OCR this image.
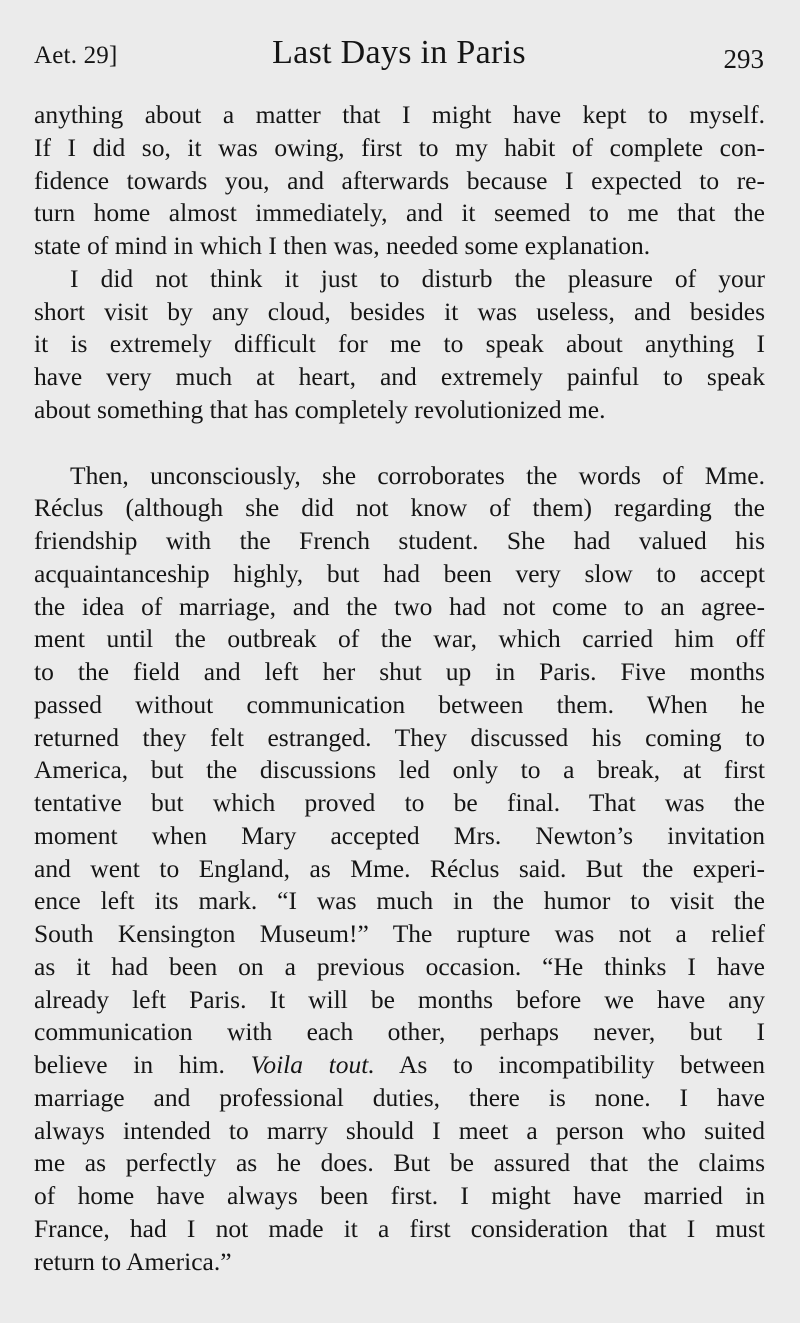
Aet. 29]	Last Days in Paris	293
anything about a matter that I might have kept to myself.
If I did so, it was owing, first to my habit of complete con-
fidence towards you, and afterwards because I expected to re-
turn home almost immediately, and it seemed to me that the
state of mind in which I then was, needed some explanation.
I did not think it just to disturb the pleasure of your
short visit by any cloud, besides it was useless, and besides
it is extremely difficult for me to speak about anything I
have very much at heart, and extremely painful to speak
about something that has completely revolutionized me.
Then, unconsciously, she corroborates the words of Mme.
Réclus (although she did not know of them) regarding the
friendship with the French student. She had valued his
acquaintanceship highly, but had been very slow to accept
the idea of marriage, and the two had not come to an agree-
ment until the outbreak of the war, which carried him off
to the field and left her shut up in Paris. Five months
passed without communication between them. When he
returned they felt estranged. They discussed his coming to
America, but the discussions led only to a break, at first
tentative but which proved to be final. That was the
moment when Mary accepted Mrs. Newton’s invitation
and went to England, as Mme. Réclus said. But the experi-
ence left its mark. “I was much in the humor to visit the
South Kensington Museum!” The rupture was not a relief
as it had been on a previous occasion. “He thinks I have
already left Paris. It will be months before we have any
communication with each other, perhaps never, but I
believe in him. Voila tout. As to incompatibility between
marriage and professional duties, there is none. I have
always intended to marry should I meet a person who suited
me as perfectly as he does. But be assured that the claims
of home have always been first. I might have married in
France, had I not made it a first consideration that I must
return to America.”
